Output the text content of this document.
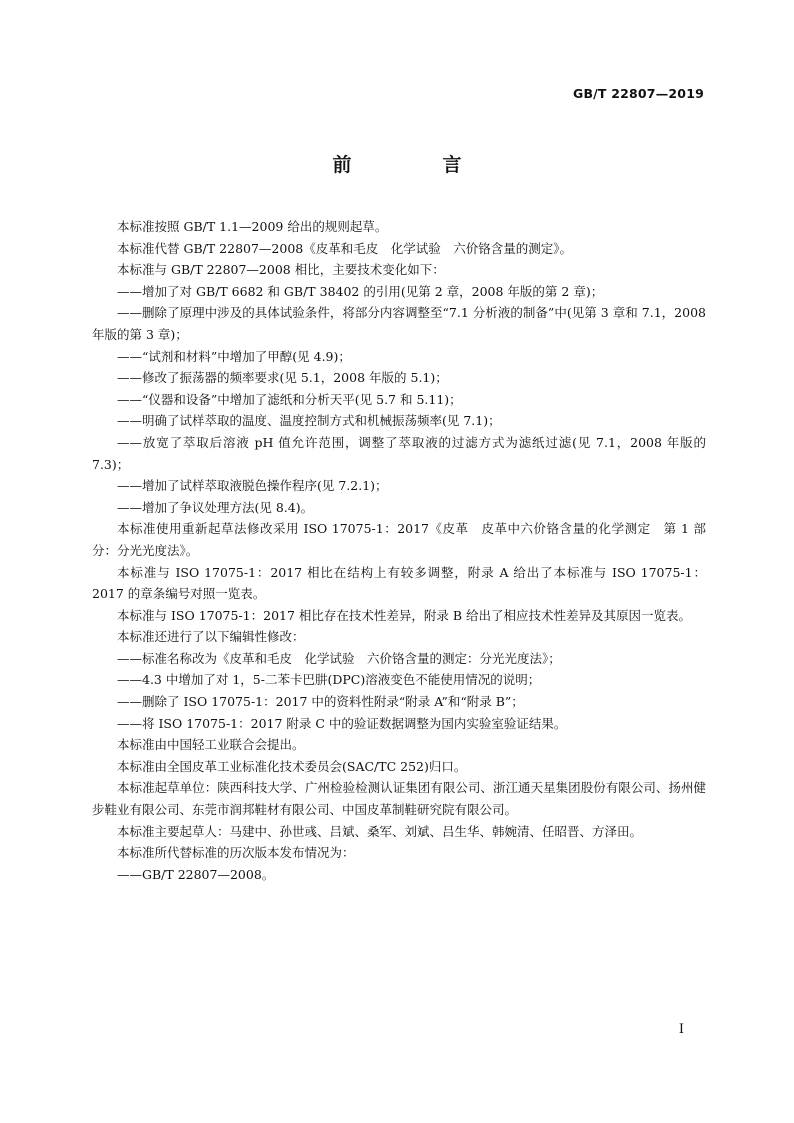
GB/T 22807—2019
前　言

本标准按照 GB/T 1.1—2009 给出的规则起草。

本标准代替 GB/T 22807—2008《皮革和毛皮　化学试验　六价铬含量的测定》。

本标准与 GB/T 22807—2008 相比，主要技术变化如下：

——增加了对 GB/T 6682 和 GB/T 38402 的引用(见第 2 章，2008 年版的第 2 章)；

——删除了原理中涉及的具体试验条件，将部分内容调整至“7.1 分析液的制备”中(见第 3 章和 7.1，2008 年版的第 3 章)；

——“试剂和材料”中增加了甲醇(见 4.9)；

——修改了振荡器的频率要求(见 5.1，2008 年版的 5.1)；

——“仪器和设备”中增加了滤纸和分析天平(见 5.7 和 5.11)；

——明确了试样萃取的温度、温度控制方式和机械振荡频率(见 7.1)；

——放宽了萃取后溶液 pH 值允许范围，调整了萃取液的过滤方式为滤纸过滤(见 7.1，2008 年版的 7.3)；

——增加了试样萃取液脱色操作程序(见 7.2.1)；

——增加了争议处理方法(见 8.4)。

本标准使用重新起草法修改采用 ISO 17075-1：2017《皮革　皮革中六价铬含量的化学测定　第 1 部分：分光光度法》。

本标准与 ISO 17075-1：2017 相比在结构上有较多调整，附录 A 给出了本标准与 ISO 17075-1：2017 的章条编号对照一览表。

本标准与 ISO 17075-1：2017 相比存在技术性差异，附录 B 给出了相应技术性差异及其原因一览表。

本标准还进行了以下编辑性修改：

——标准名称改为《皮革和毛皮　化学试验　六价铬含量的测定：分光光度法》；

——4.3 中增加了对 1，5-二苯卡巴肼(DPC)溶液变色不能使用情况的说明；

——删除了 ISO 17075-1：2017 中的资料性附录“附录 A”和“附录 B”；

——将 ISO 17075-1：2017 附录 C 中的验证数据调整为国内实验室验证结果。

本标准由中国轻工业联合会提出。

本标准由全国皮革工业标准化技术委员会(SAC/TC 252)归口。

本标准起草单位：陕西科技大学、广州检验检测认证集团有限公司、浙江通天星集团股份有限公司、扬州健步鞋业有限公司、东莞市润邦鞋材有限公司、中国皮革制鞋研究院有限公司。

本标准主要起草人：马建中、孙世彧、吕斌、桑军、刘斌、吕生华、韩婉清、任昭晋、方泽田。

本标准所代替标准的历次版本发布情况为：

——GB/T 22807—2008。

I
